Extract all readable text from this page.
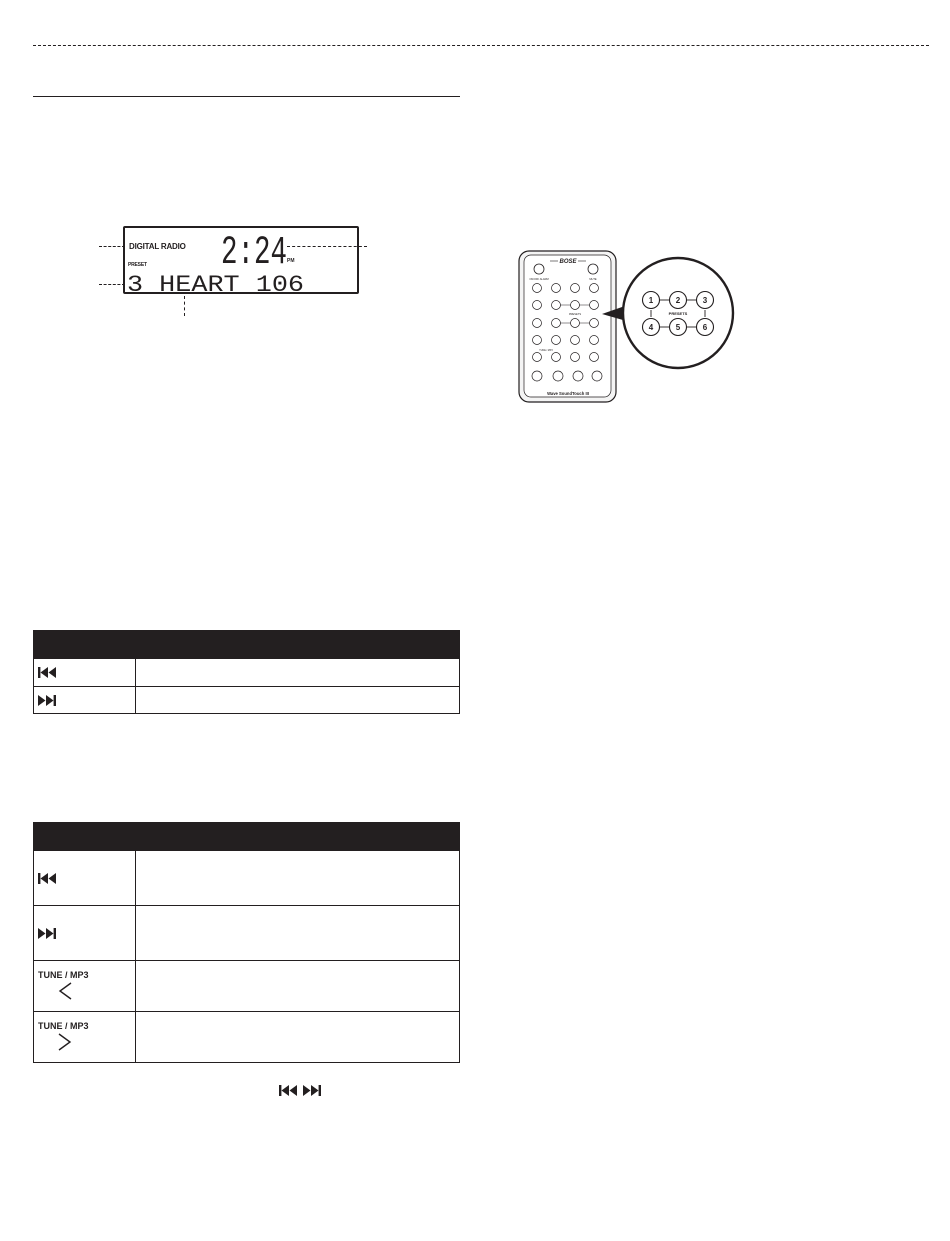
DIGITAL RADIO
PRESET 2:24 PM
3 HEART 106

TUNE / MP3	

TUNE / MP3	

BOSE
ON/OFF ALARM	MUTE
PRESETS
TUNE / MP3
Wave SoundTouch III
1	2	3
4	5	6
PRESETS
